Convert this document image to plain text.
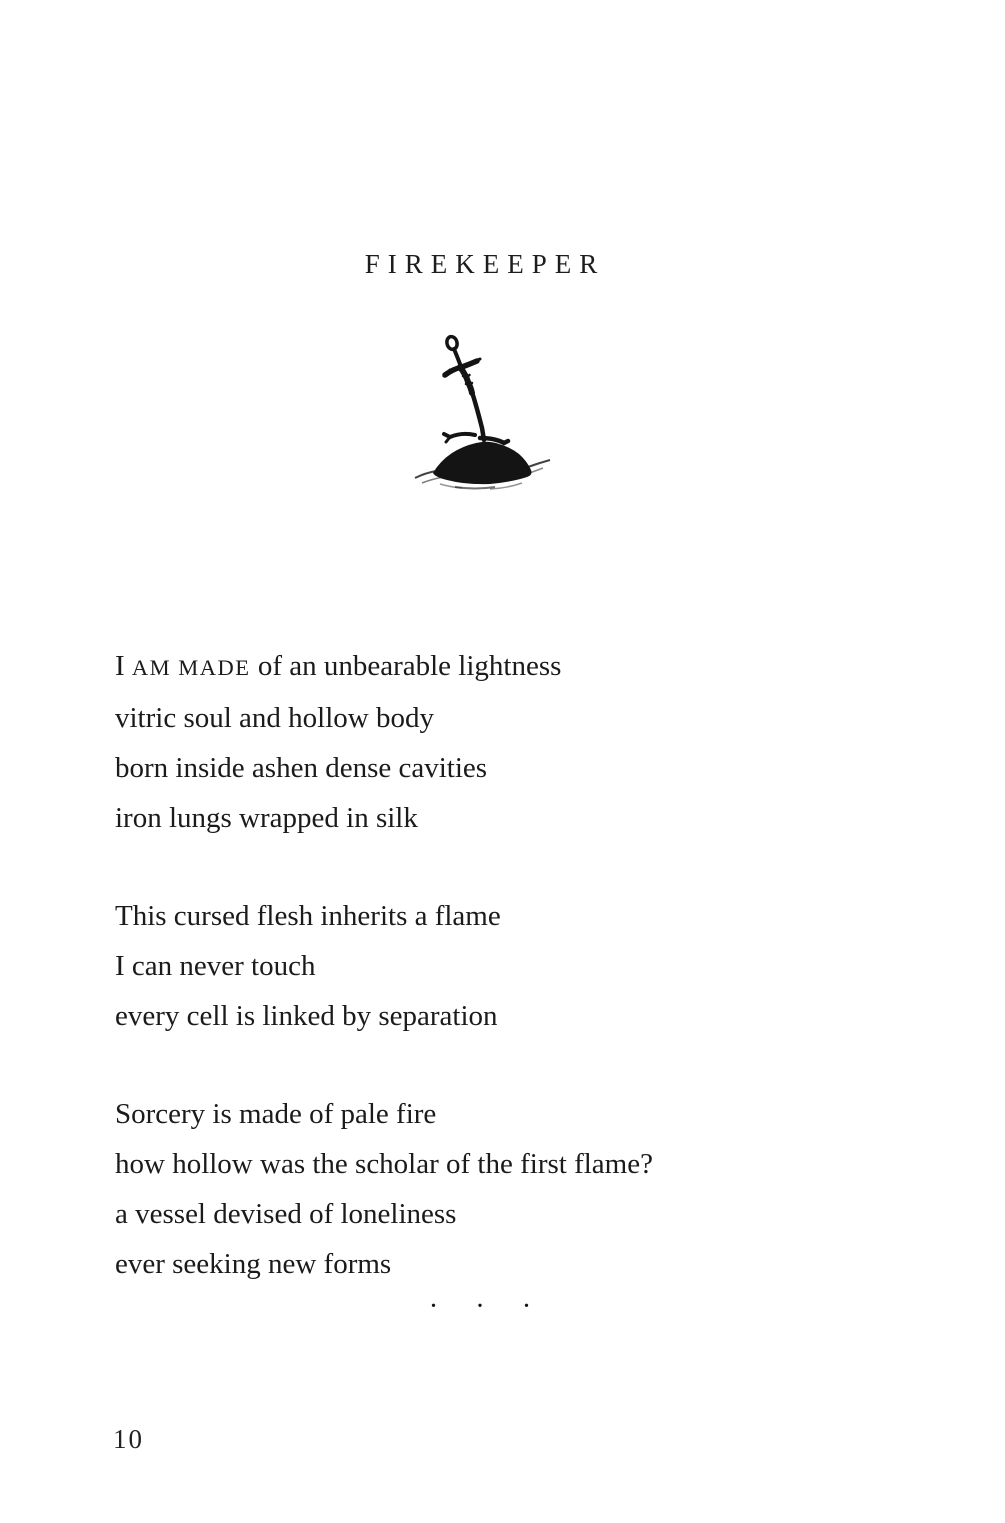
FIREKEEPER

I AM MADE of an unbearable lightness

vitric soul and hollow body

born inside ashen dense cavities

iron lungs wrapped in silk

This cursed flesh inherits a flame

I can never touch

every cell is linked by separation

Sorcery is made of pale fire

how hollow was the scholar of the first flame?

a vessel devised of loneliness

ever seeking new forms

. . .
10
